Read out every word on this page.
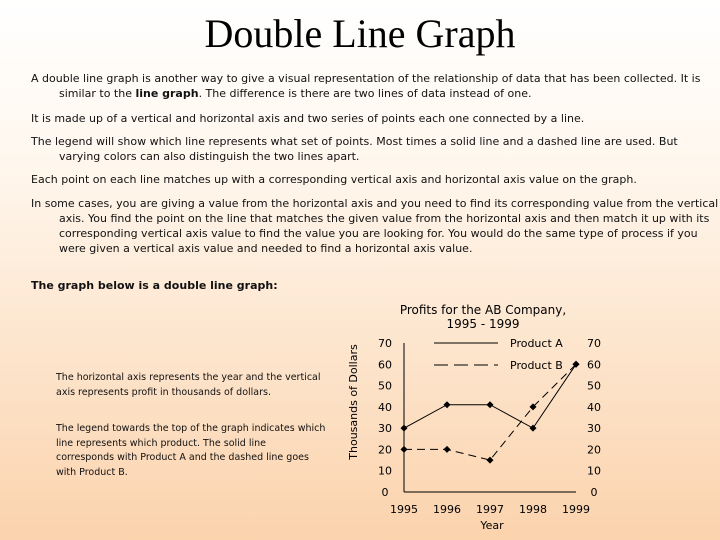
Double Line Graph

A double line graph is another way to give a visual representation of the relationship of data that has been collected. It is similar to the line graph. The difference is there are two lines of data instead of one.

It is made up of a vertical and horizontal axis and two series of points each one connected by a line.

The legend will show which line represents what set of points. Most times a solid line and a dashed line are used. But varying colors can also distinguish the two lines apart.

Each point on each line matches up with a corresponding vertical axis and horizontal axis value on the graph.

In some cases, you are giving a value from the horizontal axis and you need to find its corresponding value from the vertical axis. You find the point on the line that matches the given value from the horizontal axis and then match it up with its corresponding vertical axis value to find the value you are looking for. You would do the same type of process if you were given a vertical axis value and needed to find a horizontal axis value.

The graph below is a double line graph:

The horizontal axis represents the year and the vertical axis represents profit in thousands of dollars.

The legend towards the top of the graph indicates which line represents which product. The solid line corresponds with Product A and the dashed line goes with Product B.

Profits for the AB Company,
1995 - 1999
Thousands of Dollars
Year
0	0
10	10
20	20
30	30
40	40
50	50
60	60
70	70
1995 1996 1997 1998 1999
Product A
Product B
